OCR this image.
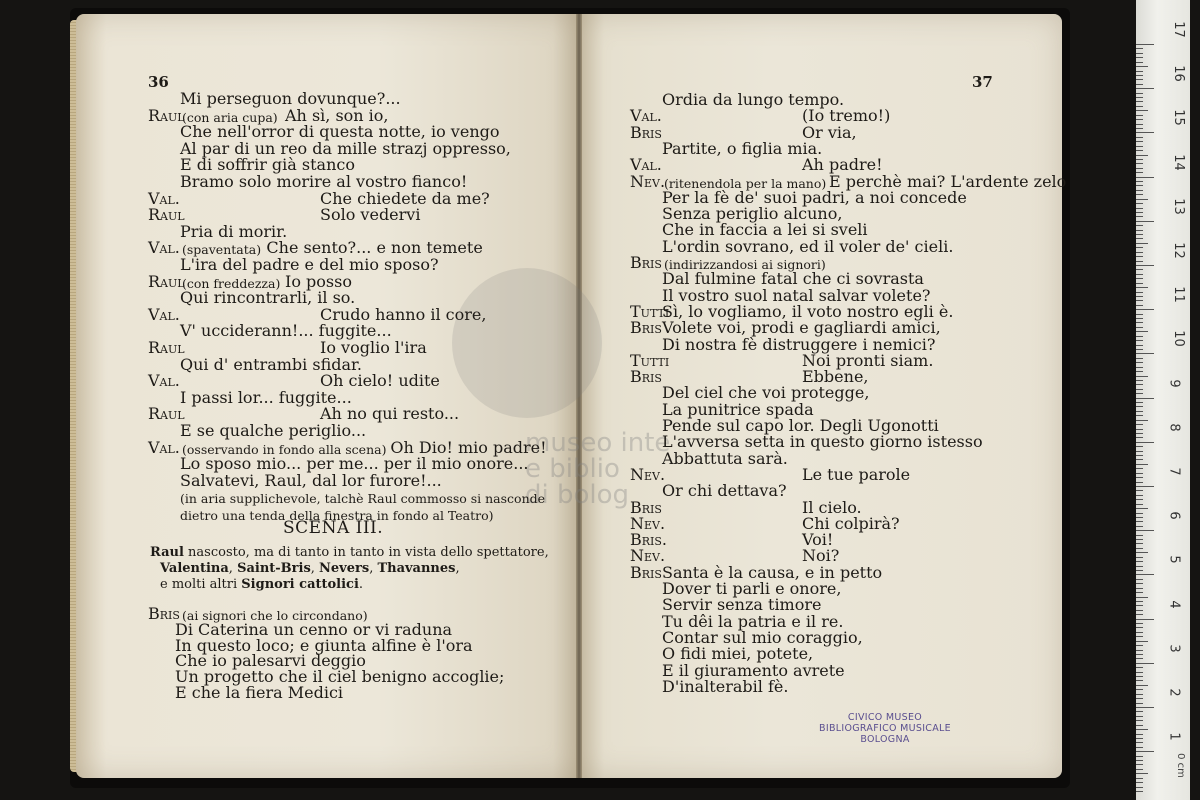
museo inte
e biblio
di bolog
36	37
Mi perseguon dovunque?...
Raul
(con aria cupa) Ah sì, son io,
Che nell'orror di questa notte, io vengo
Al par di un reo da mille strazj oppresso,
E di soffrir già stanco
Bramo solo morire al vostro fianco!
Val.	Che chiedete da me?
Raul	Solo vedervi
Pria di morir.
Val. (spaventata) Che sento?... e non temete
L'ira del padre e del mio sposo?
Raul
(con freddezza) Io posso
Qui rincontrarli, il so.
Val.	Crudo hanno il core,
V' ucciderann!... fuggite...
Raul	Io voglio l'ira
Qui d' entrambi sfidar.
Val.	Oh cielo! udite
I passi lor... fuggite...
Raul	Ah no qui resto...
E se qualche periglio...
Val. (osservando in fondo alla scena) Oh Dio! mio padre!
Lo sposo mio... per me... per il mio onore...
Salvatevi, Raul, dal lor furore!...
(in aria supplichevole, talchè Raul commosso si nasconde
dietro una tenda della finestra in fondo al Teatro)
SCENA III.
Raul nascosto, ma di tanto in tanto in vista dello spettatore,
Valentina, Saint-Bris, Nevers, Thavannes,
e molti altri Signori cattolici.
Bris (ai signori che lo circondano)
Di Caterina un cenno or vi raduna
In questo loco; e giunta alfine è l'ora
Che io palesarvi deggio
Un progetto che il ciel benigno accoglie;
E che la fiera Medici
Ordia da lungo tempo.
Val.	(Io tremo!)
Bris	Or via,
Partite, o figlia mia.
Val.	Ah padre!
Nev.
(ritenendola per la mano) E perchè mai? L'ardente zelo
Per la fè de' suoi padri, a noi concede
Senza periglio alcuno,
Che in faccia a lei si sveli
L'ordin sovrano, ed il voler de' cieli.
Bris (indirizzandosi ai signori)
Dal fulmine fatal che ci sovrasta
Il vostro suol natal salvar volete?
Tutti
Sì, lo vogliamo, il voto nostro egli è.
Bris Volete voi, prodi e gagliardi amici,
Di nostra fè distruggere i nemici?
Tutti	Noi pronti siam.
Bris	Ebbene,
Del ciel che voi protegge,
La punitrice spada
Pende sul capo lor. Degli Ugonotti
L'avversa setta in questo giorno istesso
Abbattuta sarà.
Nev.	Le tue parole
Or chi dettava?
Bris	Il cielo.
Nev.	Chi colpirà?
Bris.	Voi!
Nev.	Noi?
Bris Santa è la causa, e in petto
Dover ti parli e onore,
Servir senza timore
Tu dêi la patria e il re.
Contar sul mio coraggio,
O fidi miei, potete,
E il giuramento avrete
D'inalterabil fè.
CIVICO MUSEO
BIBLIOGRAFICO MUSICALE
BOLOGNA
17
16
15
14
13
12
11
10
9
8
7
6
5
4
3
2
1
0 cm
